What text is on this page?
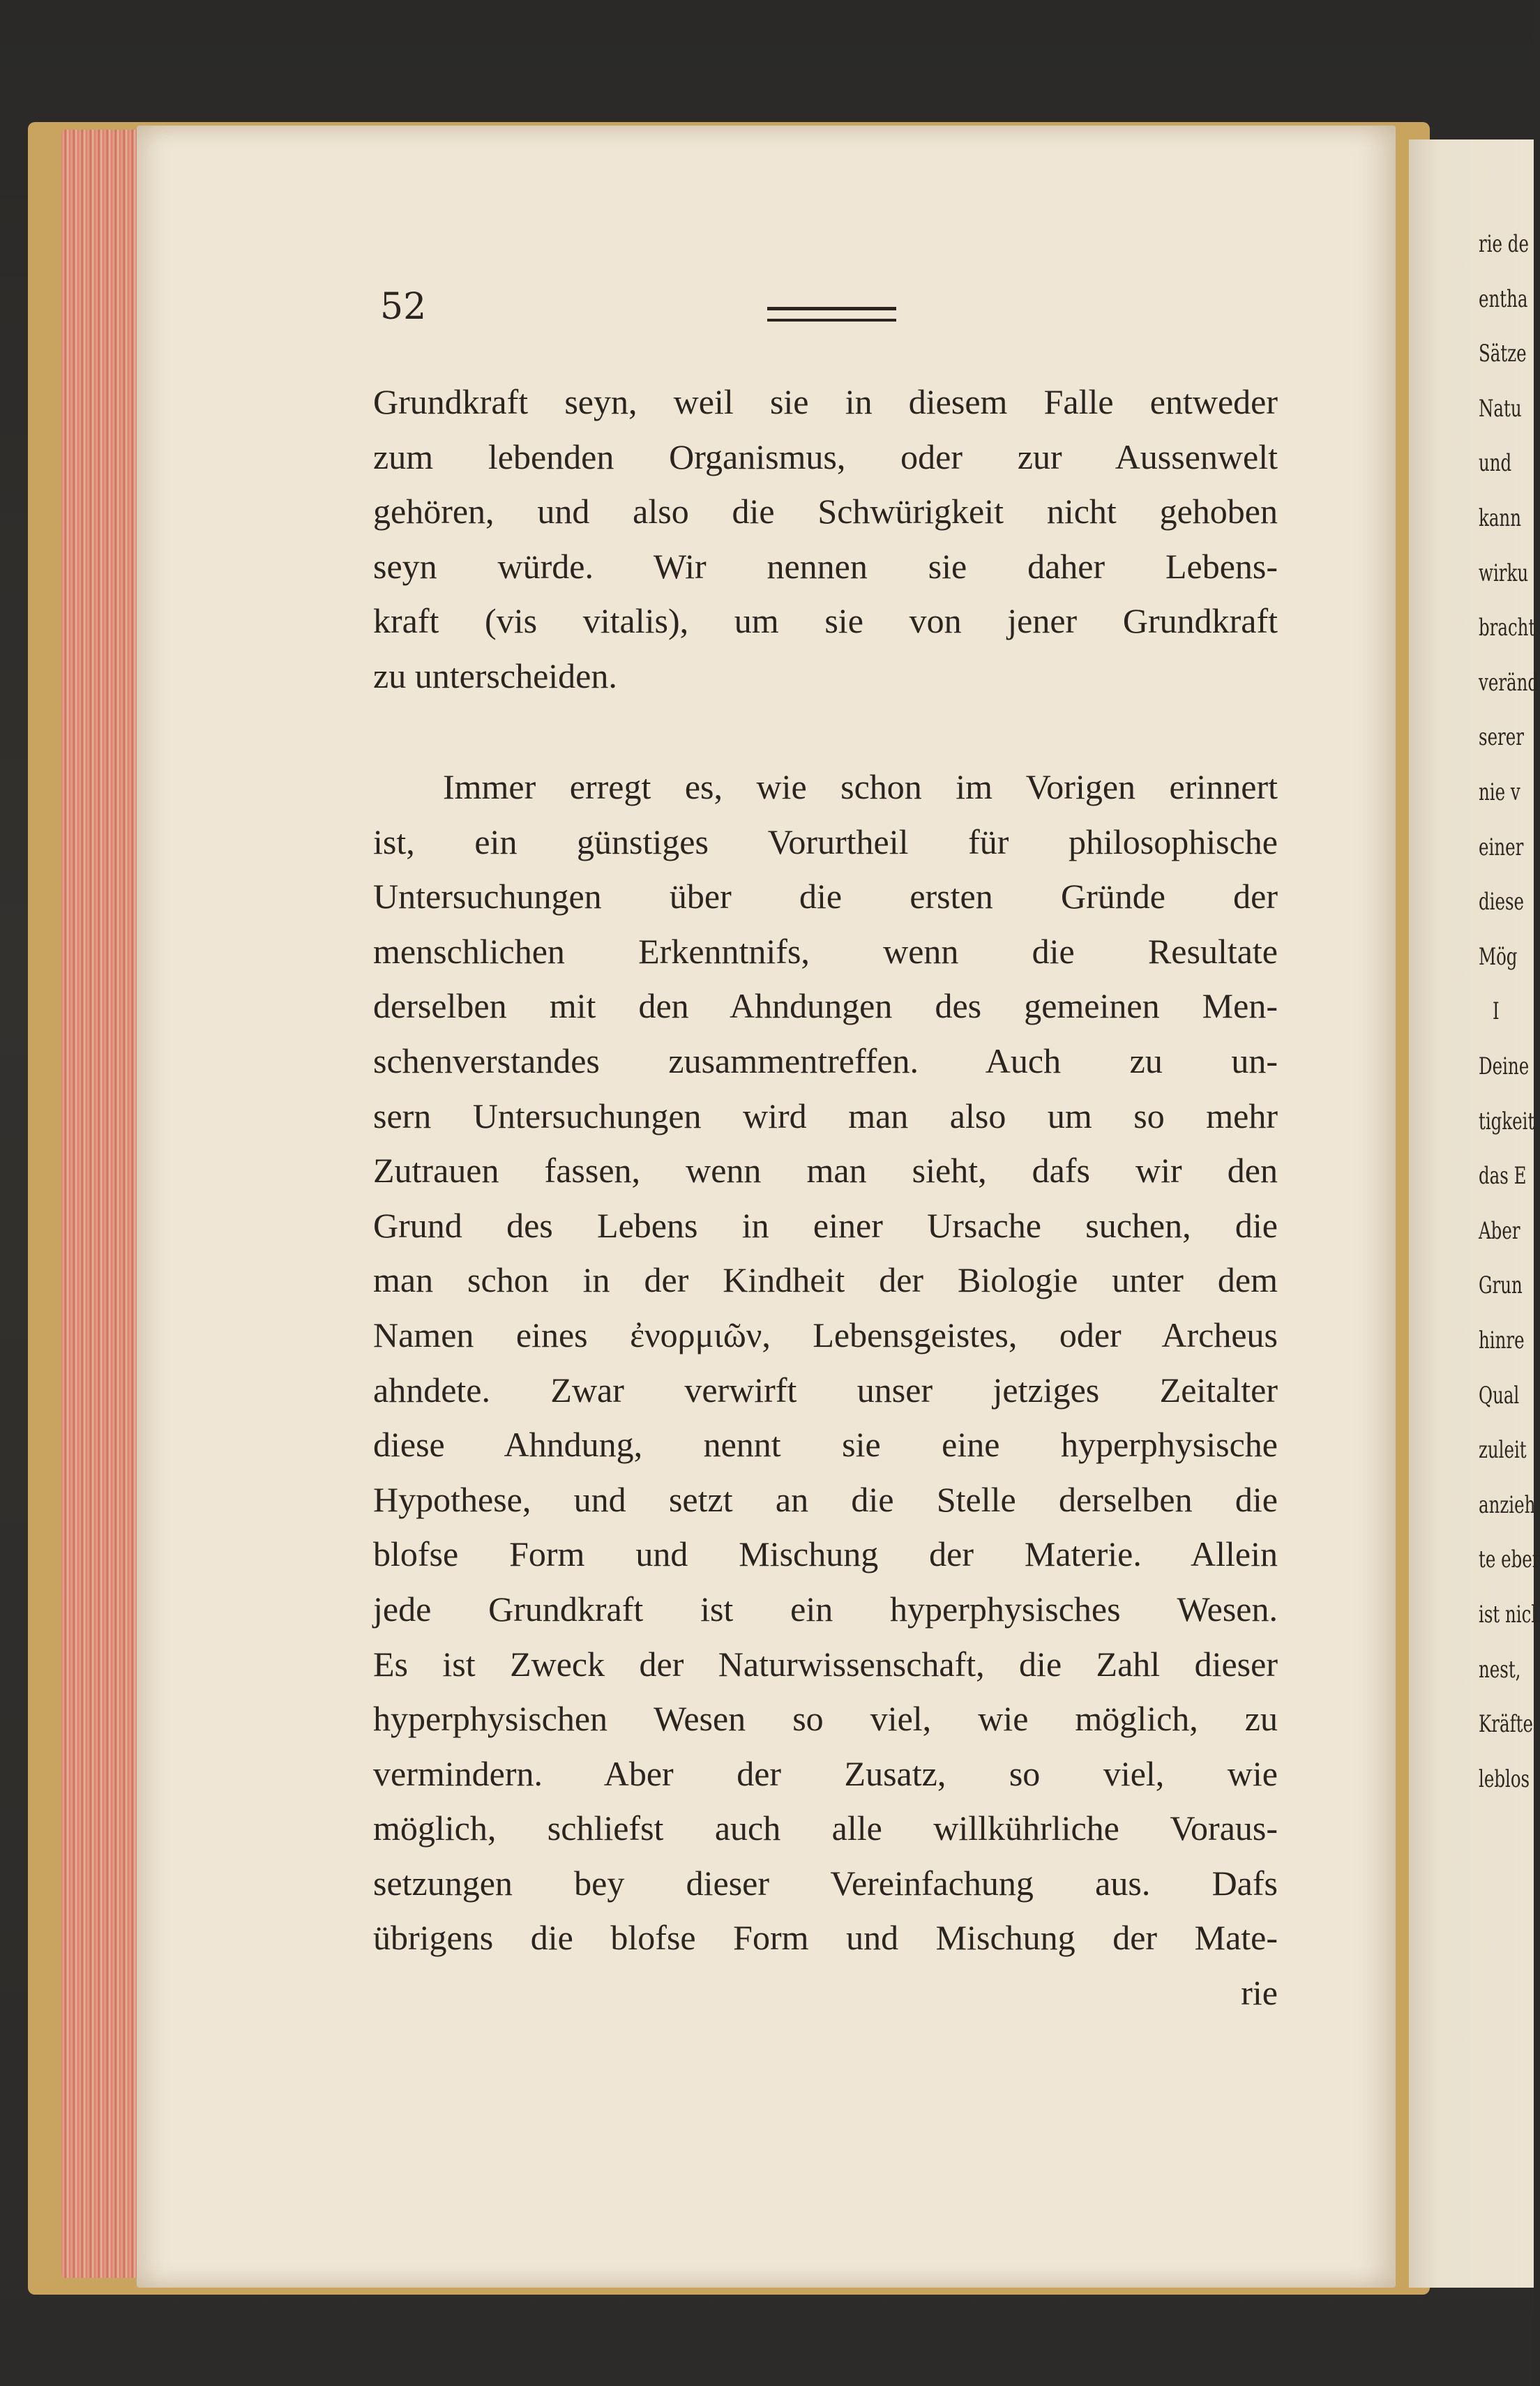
rie de
entha
Sätze
Natu
und
kann
wirku
bracht
veränd
serer
nie v
einer
diese
Mög
I
Deine
tigkeit
das E
Aber
Grun
hinre
Qual
zuleit
anzieh
te eber
ist nicl
nest,
Kräfte
leblos
52
Grundkraft seyn, weil sie in diesem Falle entweder
zum lebenden Organismus, oder zur Aussenwelt
gehören, und also die Schwürigkeit nicht gehoben
seyn würde. Wir nennen sie daher Lebens-
kraft (vis vitalis), um sie von jener Grundkraft
zu unterscheiden.
Immer erregt es, wie schon im Vorigen erinnert
ist, ein günstiges Vorurtheil für philosophische
Untersuchungen über die ersten Gründe der
menschlichen Erkenntnifs, wenn die Resultate
derselben mit den Ahndungen des gemeinen Men-
schenverstandes zusammentreffen. Auch zu un-
sern Untersuchungen wird man also um so mehr
Zutrauen fassen, wenn man sieht, dafs wir den
Grund des Lebens in einer Ursache suchen, die
man schon in der Kindheit der Biologie unter dem
Namen eines ἐνορμιῶν, Lebensgeistes, oder Archeus
ahndete. Zwar verwirft unser jetziges Zeitalter
diese Ahndung, nennt sie eine hyperphysische
Hypothese, und setzt an die Stelle derselben die
blofse Form und Mischung der Materie. Allein
jede Grundkraft ist ein hyperphysisches Wesen.
Es ist Zweck der Naturwissenschaft, die Zahl dieser
hyperphysischen Wesen so viel, wie möglich, zu
vermindern. Aber der Zusatz, so viel, wie
möglich, schliefst auch alle willkührliche Voraus-
setzungen bey dieser Vereinfachung aus. Dafs
übrigens die blofse Form und Mischung der Mate-
rie
